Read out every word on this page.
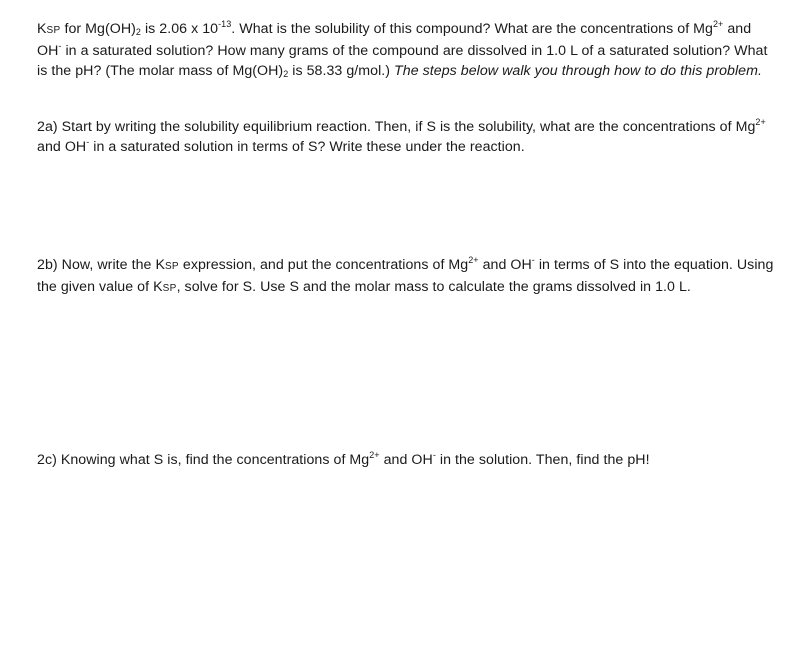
KSP for $Mg(OH)_2$ is 2.06 x $10^{-13}$. What is the solubility of this compound? What are the concentrations of $Mg^{2+}$ and OH- in a saturated solution? How many grams of the compound are dissolved in 1.0 L of a saturated solution? What is the pH? (The molar mass of $Mg(OH)_2$ is 58.33 g/mol.) The steps below walk you through how to do this problem.
2a) Start by writing the solubility equilibrium reaction. Then, if S is the solubility, what are the concentrations of $Mg^{2+}$ and OH- in a saturated solution in terms of S? Write these under the reaction.
2b) Now, write the KSP expression, and put the concentrations of $Mg^{2+}$ and OH- in terms of S into the equation. Using the given value of KSP, solve for S. Use S and the molar mass to calculate the grams dissolved in 1.0 L.
2c) Knowing what S is, find the concentrations of $Mg^{2+}$ and OH- in the solution. Then, find the pH!
